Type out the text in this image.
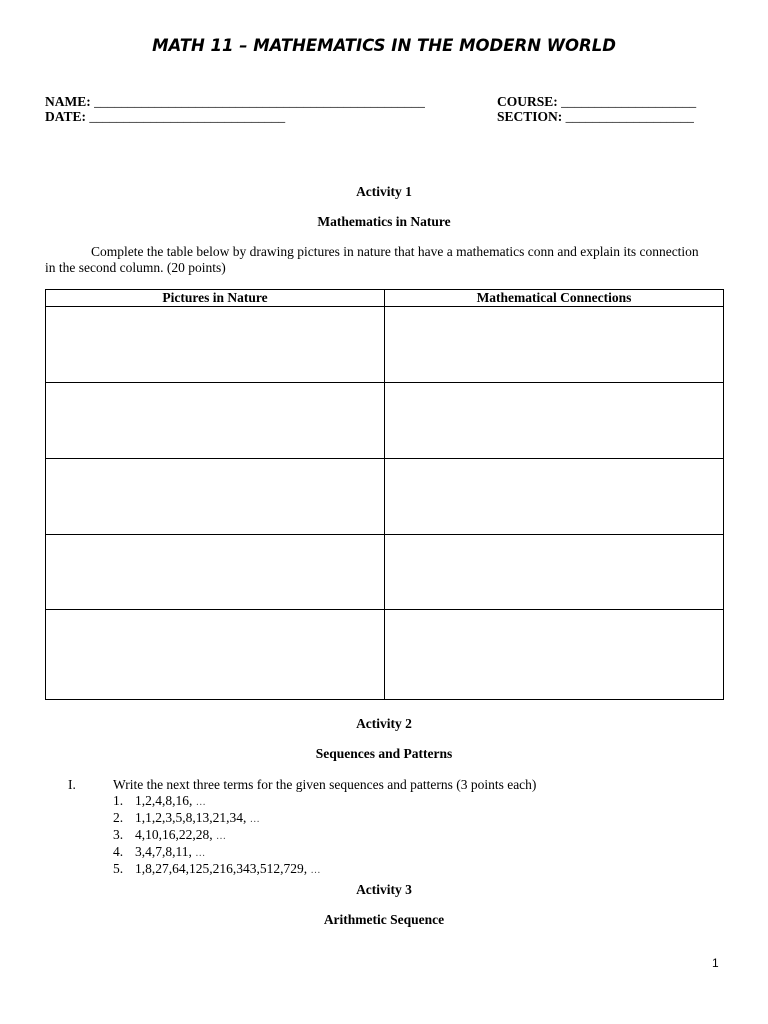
MATH 11 – MATHEMATICS IN THE MODERN WORLD
NAME: _________________________________________________	COURSE: ____________________
DATE: _____________________________	SECTION: ___________________
Activity 1
Mathematics in Nature
Complete the table below by drawing pictures in nature that have a mathematics conn and explain its connection in the second column. (20 points)
Pictures in Nature	Mathematical Connections

Activity 2
Sequences and Patterns
I.	Write the next three terms for the given sequences and patterns (3 points each)
1. 1,2,4,8,16, …
2. 1,1,2,3,5,8,13,21,34, …
3. 4,10,16,22,28, …
4. 3,4,7,8,11, …
5. 1,8,27,64,125,216,343,512,729, …
Activity 3
Arithmetic Sequence
1
